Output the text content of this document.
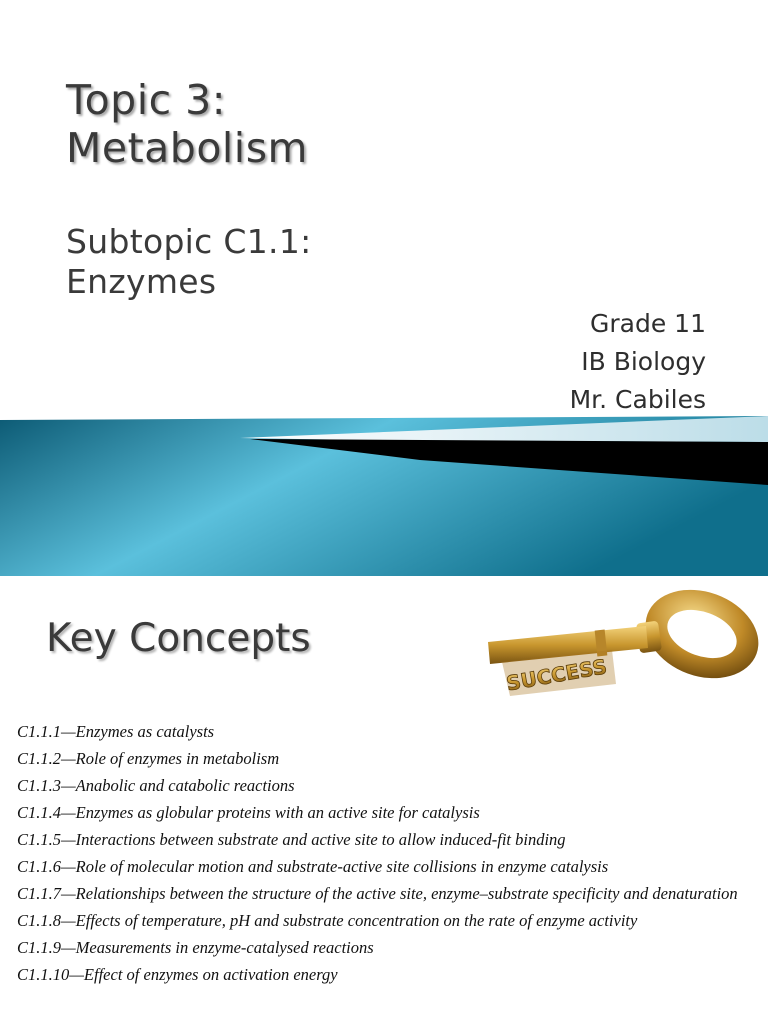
Topic 3:
Metabolism
Subtopic C1.1:
Enzymes
Grade 11
IB Biology
Mr. Cabiles
Key Concepts
SUCCESS
C1.1.1—Enzymes as catalysts
C1.1.2—Role of enzymes in metabolism
C1.1.3—Anabolic and catabolic reactions
C1.1.4—Enzymes as globular proteins with an active site for catalysis
C1.1.5—Interactions between substrate and active site to allow induced-fit binding
C1.1.6—Role of molecular motion and substrate-active site collisions in enzyme catalysis
C1.1.7—Relationships between the structure of the active site, enzyme–substrate specificity and denaturation
C1.1.8—Effects of temperature, pH and substrate concentration on the rate of enzyme activity
C1.1.9—Measurements in enzyme-catalysed reactions
C1.1.10—Effect of enzymes on activation energy
